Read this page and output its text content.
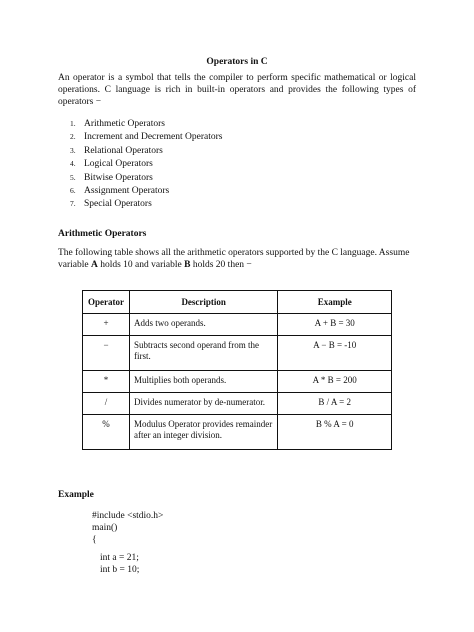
Operators in C
An operator is a symbol that tells the compiler to perform specific mathematical or logical operations. C language is rich in built-in operators and provides the following types of operators −
1. Arithmetic Operators
2. Increment and Decrement Operators
3. Relational Operators
4. Logical Operators
5. Bitwise Operators
6. Assignment Operators
7. Special Operators
Arithmetic Operators
The following table shows all the arithmetic operators supported by the C language. Assume variable A holds 10 and variable B holds 20 then −
Operator	Description	Example
+	Adds two operands.	A + B = 30
−	Subtracts second operand from the first.	A − B = -10
*	Multiplies both operands.	A * B = 200
/	Divides numerator by de-numerator.	B / A = 2
%	Modulus Operator provides remainder after an integer division.	B % A = 0
Example
#include <stdio.h>
main()
{
int a = 21;
int b = 10;
